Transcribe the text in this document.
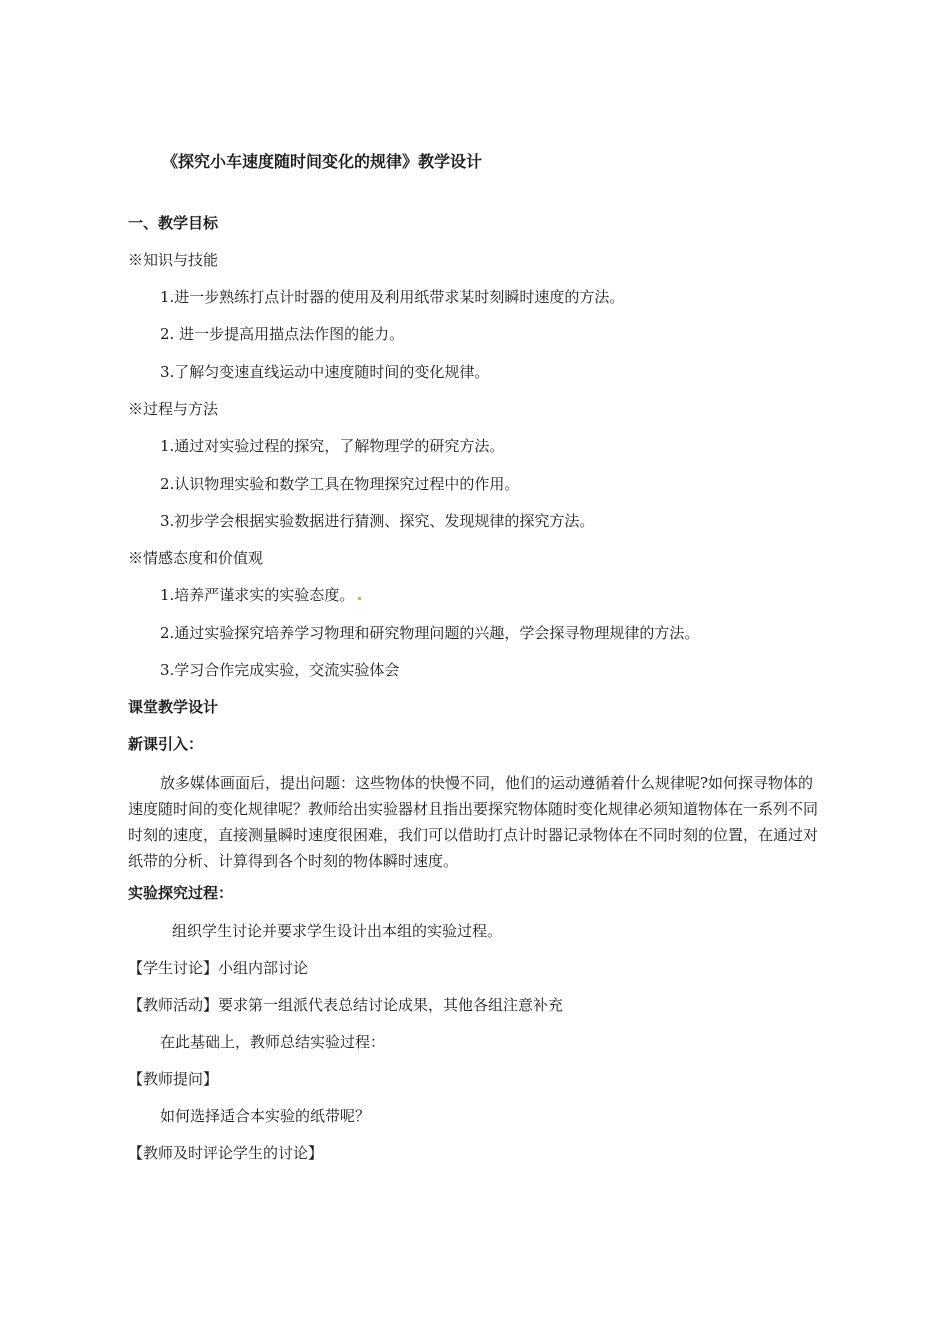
《探究小车速度随时间变化的规律》教学设计
一、教学目标
※知识与技能
1.进一步熟练打点计时器的使用及利用纸带求某时刻瞬时速度的方法。
2. 进一步提高用描点法作图的能力。
3.了解匀变速直线运动中速度随时间的变化规律。
※过程与方法
1.通过对实验过程的探究，了解物理学的研究方法。
2.认识物理实验和数学工具在物理探究过程中的作用。
3.初步学会根据实验数据进行猜测、探究、发现规律的探究方法。
※情感态度和价值观
1.培养严谨求实的实验态度。
2.通过实验探究培养学习物理和研究物理问题的兴趣，学会探寻物理规律的方法。
3.学习合作完成实验，交流实验体会
课堂教学设计
新课引入：
放多媒体画面后，提出问题：这些物体的快慢不同，他们的运动遵循着什么规律呢?如何探寻物体的速度随时间的变化规律呢？教师给出实验器材且指出要探究物体随时变化规律必须知道物体在一系列不同时刻的速度，直接测量瞬时速度很困难，我们可以借助打点计时器记录物体在不同时刻的位置，在通过对纸带的分析、计算得到各个时刻的物体瞬时速度。
实验探究过程：
组织学生讨论并要求学生设计出本组的实验过程。
【学生讨论】小组内部讨论
【教师活动】要求第一组派代表总结讨论成果，其他各组注意补充
在此基础上，教师总结实验过程：
【教师提问】
如何选择适合本实验的纸带呢？
【教师及时评论学生的讨论】
